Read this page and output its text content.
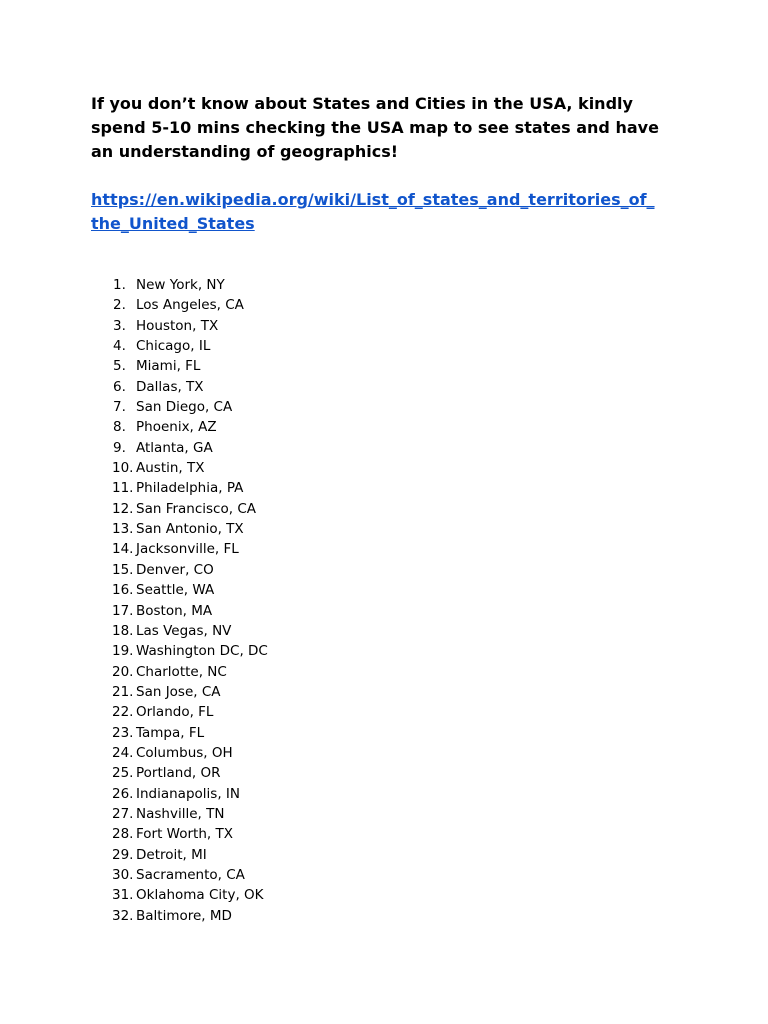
If you don’t know about States and Cities in the USA, kindly spend 5-10 mins checking the USA map to see states and have an understanding of geographics!

https://en.wikipedia.org/wiki/List_of_states_and_territories_of_the_United_States
1. New York, NY
2. Los Angeles, CA
3. Houston, TX
4. Chicago, IL
5. Miami, FL
6. Dallas, TX
7. San Diego, CA
8. Phoenix, AZ
9. Atlanta, GA
10. Austin, TX
11. Philadelphia, PA
12. San Francisco, CA
13. San Antonio, TX
14. Jacksonville, FL
15. Denver, CO
16. Seattle, WA
17. Boston, MA
18. Las Vegas, NV
19. Washington DC, DC
20. Charlotte, NC
21. San Jose, CA
22. Orlando, FL
23. Tampa, FL
24. Columbus, OH
25. Portland, OR
26. Indianapolis, IN
27. Nashville, TN
28. Fort Worth, TX
29. Detroit, MI
30. Sacramento, CA
31. Oklahoma City, OK
32. Baltimore, MD
